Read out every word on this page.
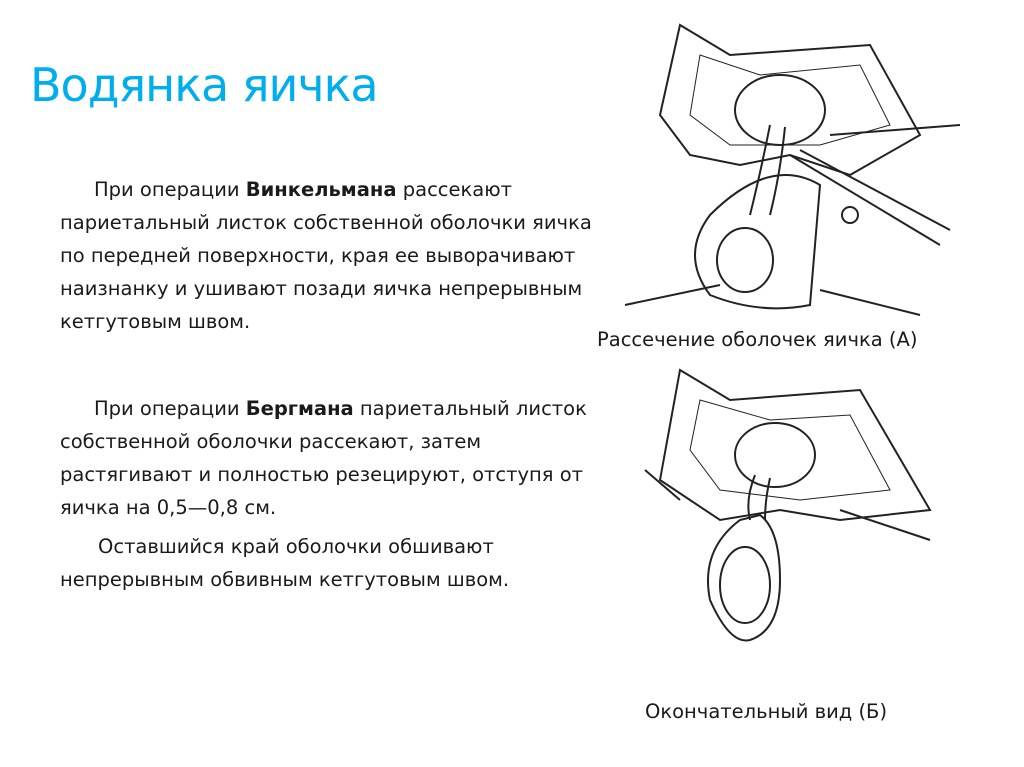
Водянка яичка
При операции Винкельмана рассекают париетальный листок собственной оболочки яичка по передней поверхности, края ее выворачивают наизнанку и ушивают позади яичка непрерывным кетгутовым швом.
При операции Бергмана париетальный листок собственной оболочки рассекают, затем растягивают и полностью резецируют, отступя от яичка на 0,5—0,8 см.
Оставшийся край оболочки обшивают непрерывным обвивным кетгутовым швом.
Рассечение оболочек яичка (А)
Окончательный вид (Б)
